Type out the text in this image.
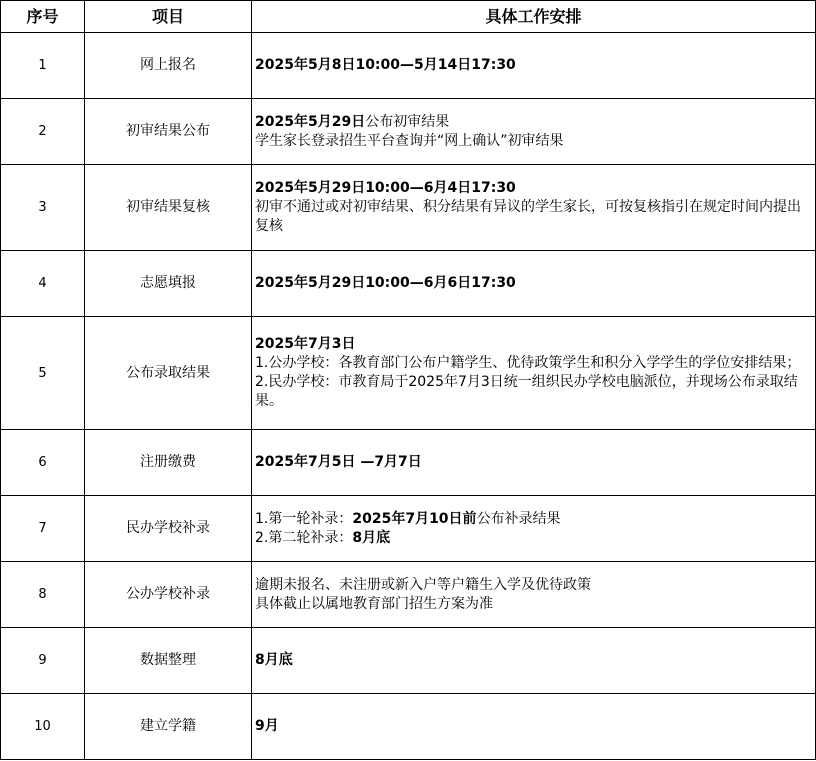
序号	项目	具体工作安排
1	网上报名	2025年5月8日10:00—5月14日17:30

2	初审结果公布	2025年5月29日公布初审结果
学生家长登录招生平台查询并“网上确认”初审结果

3	初审结果复核	2025年5月29日10:00—6月4日17:30
初审不通过或对初审结果、积分结果有异议的学生家长，可按复核指引在规定时间内提出复核

4	志愿填报	2025年5月29日10:00—6月6日17:30

5	公布录取结果	2025年7月3日
1.公办学校：各教育部门公布户籍学生、优待政策学生和积分入学学生的学位安排结果；
2.民办学校：市教育局于2025年7月3日统一组织民办学校电脑派位，并现场公布录取结果。

6	注册缴费	2025年7月5日 —7月7日

7	民办学校补录	1.第一轮补录：2025年7月10日前公布补录结果
2.第二轮补录：8月底

8	公办学校补录	逾期未报名、未注册或新入户等户籍生入学及优待政策
具体截止以属地教育部门招生方案为准

9	数据整理	8月底

10	建立学籍	9月
